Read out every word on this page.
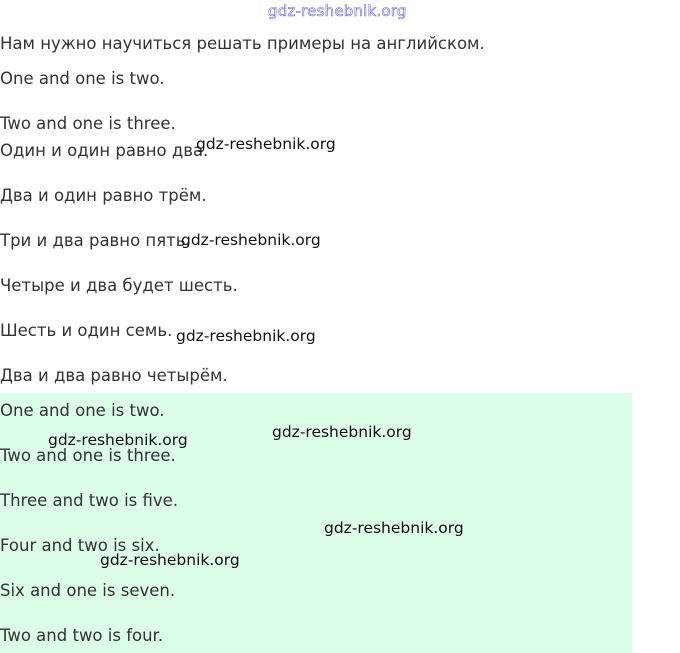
gdz-reshebnik.org
Нам нужно научиться решать примеры на английском.
One and one is two.
Two and one is three.
Один и один равно два.
Два и один равно трём.
Три и два равно пять.
Четыре и два будет шесть.
Шесть и один семь.
Два и два равно четырём.
One and one is two.
Two and one is three.
Three and two is five.
Four and two is six.
Six and one is seven.
Two and two is four.
gdz-reshebnik.org
gdz-reshebnik.org
gdz-reshebnik.org
gdz-reshebnik.org
gdz-reshebnik.org
gdz-reshebnik.org
gdz-reshebnik.org
